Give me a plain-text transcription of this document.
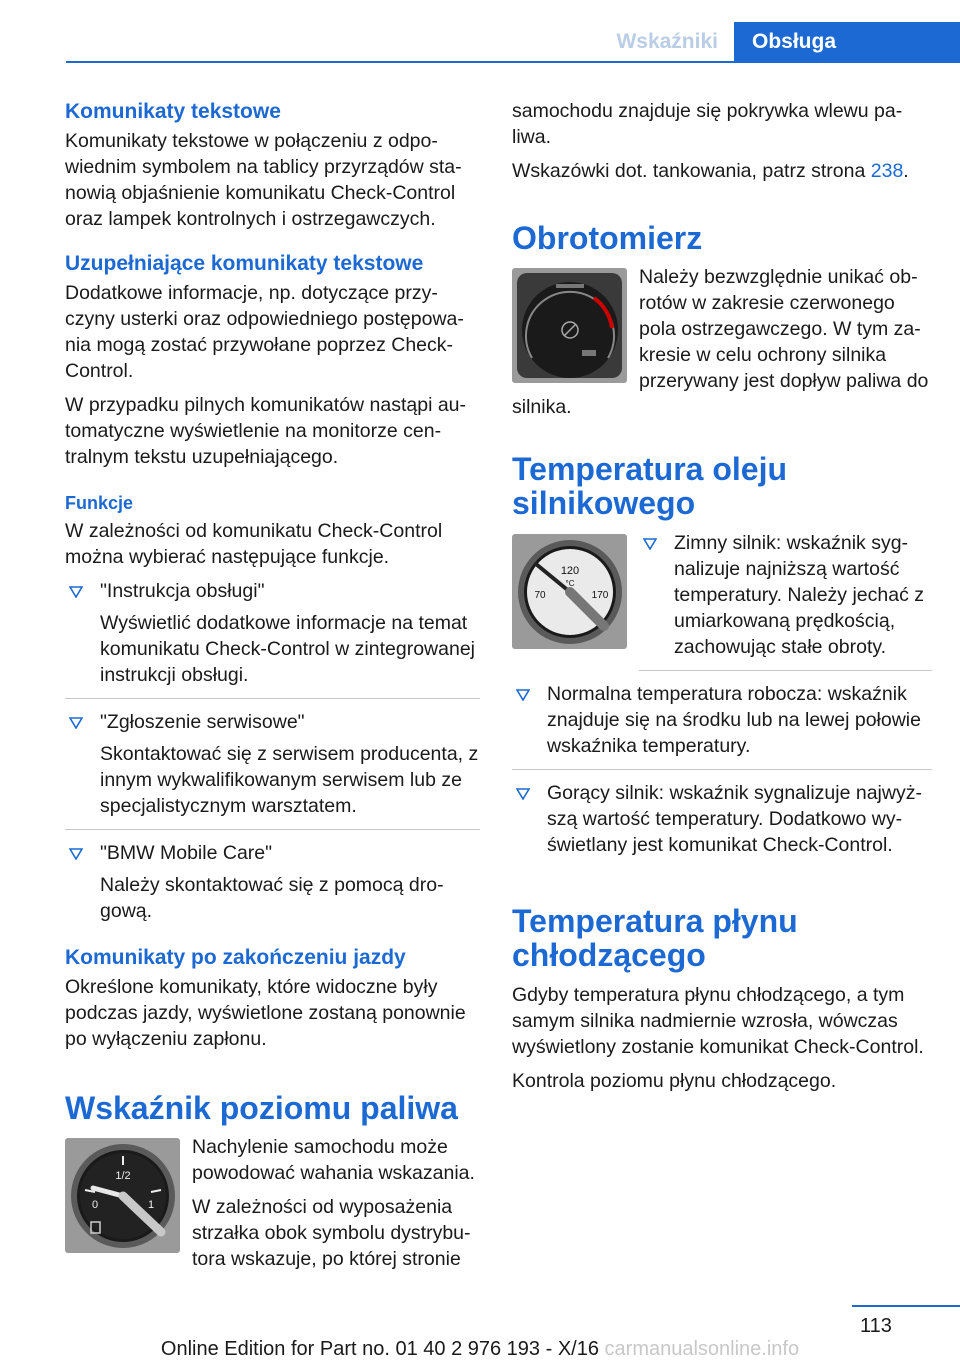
Wskaźniki	Obsługa
Komunikaty tekstowe

Komunikaty tekstowe w połączeniu z odpowiednim symbolem na tablicy przyrządów stanowią objaśnienie komunikatu Check-Control oraz lampek kontrolnych i ostrzegawczych.

Uzupełniające komunikaty tekstowe

Dodatkowe informacje, np. dotyczące przyczyny usterki oraz odpowiedniego postępowania mogą zostać przywołane poprzez Check-Control.

W przypadku pilnych komunikatów nastąpi automatyczne wyświetlenie na monitorze centralnym tekstu uzupełniającego.

Funkcje

W zależności od komunikatu Check-Control można wybierać następujące funkcje.

"Instrukcja obsługi"
Wyświetlić dodatkowe informacje na temat komunikatu Check-Control w zintegrowanej instrukcji obsługi.
"Zgłoszenie serwisowe"
Skontaktować się z serwisem producenta, z innym wykwalifikowanym serwisem lub ze specjalistycznym warsztatem.
"BMW Mobile Care"
Należy skontaktować się z pomocą drogową.
Komunikaty po zakończeniu jazdy

Określone komunikaty, które widoczne były podczas jazdy, wyświetlone zostaną ponownie po wyłączeniu zapłonu.

Wskaźnik poziomu paliwa
1/2
0	1

Nachylenie samochodu może powodować wahania wskazania.

W zależności od wyposażenia strzałka obok symbolu dystrybutora wskazuje, po której stronie

samochodu znajduje się pokrywka wlewu paliwa.

Wskazówki dot. tankowania, patrz strona 238.

Obrotomierz

Należy bezwzględnie unikać obrotów w zakresie czerwonego pola ostrzegawczego. W tym zakresie w celu ochrony silnika przerywany jest dopływ paliwa do silnika.

Temperatura oleju silnikowego
120
°C
70	170
Zimny silnik: wskaźnik sygnalizuje najniższą wartość temperatury. Należy jechać z umiarkowaną prędkością, zachowując stałe obroty.
Normalna temperatura robocza: wskaźnik znajduje się na środku lub na lewej połowie wskaźnika temperatury.
Gorący silnik: wskaźnik sygnalizuje najwyższą wartość temperatury. Dodatkowo wyświetlany jest komunikat Check-Control.
Temperatura płynu chłodzącego

Gdyby temperatura płynu chłodzącego, a tym samym silnika nadmiernie wzrosła, wówczas wyświetlony zostanie komunikat Check-Control.

Kontrola poziomu płynu chłodzącego.

113
Online Edition for Part no. 01 40 2 976 193 - X/16 carmanualsonline.info
